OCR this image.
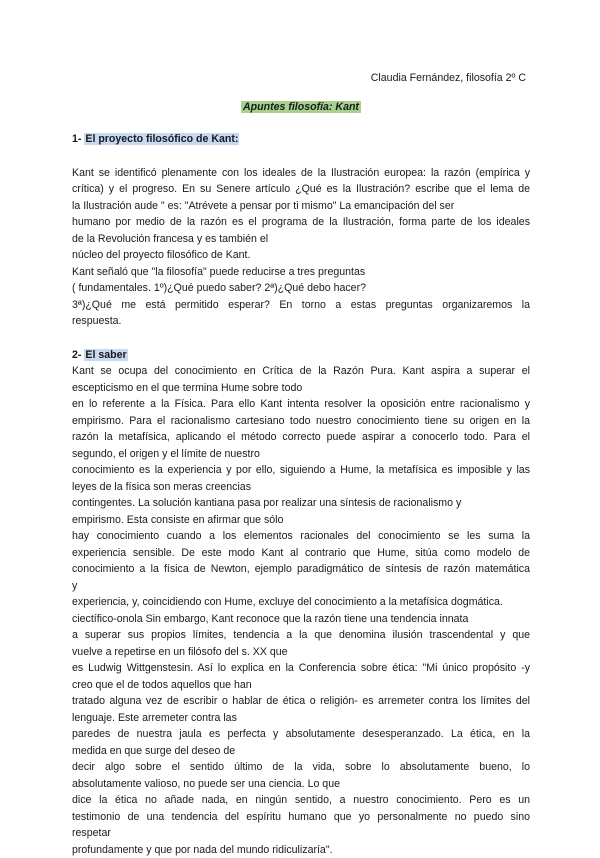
Claudia Fernández, filosofía 2º C
Apuntes filosofía: Kant
1- El proyecto filosófico de Kant:
Kant se identificó plenamente con los ideales de la Ilustración europea: la razón (empírica y
crítica) y el progreso. En su Senere artículo ¿Qué es la Ilustración? escribe que el lema de
la Ilustración aude " es: "Atrévete a pensar por ti mismo" La emancipación del ser
humano por medio de la razón es el programa de la Ilustración, forma parte de los ideales
de la Revolución francesa y es también el
núcleo del proyecto filosófico de Kant.
Kant señaló que "la filosofía" puede reducirse a tres preguntas
( fundamentales. 1º)¿Qué puedo saber? 2ª)¿Qué debo hacer?
3ª)¿Qué me está permitido esperar? En torno a estas preguntas organizaremos la
respuesta.
2- El saber
Kant se ocupa del conocimiento en Crítica de la Razón Pura. Kant aspira a superar el
escepticismo en el que termina Hume sobre todo
en lo referente a la Física. Para ello Kant intenta resolver la oposición entre racionalismo y
empirismo. Para el racionalismo cartesiano todo nuestro conocimiento tiene su origen en la
razón la metafísica, aplicando el método correcto puede aspirar a conocerlo todo. Para el
segundo, el origen y el límite de nuestro
conocimiento es la experiencia y por ello, siguiendo a Hume, la metafísica es imposible y las
leyes de la física son meras creencias
contingentes. La solución kantiana pasa por realizar una síntesis de racionalismo y
empirismo. Esta consiste en afirmar que sólo
hay conocimiento cuando a los elementos racionales del conocimiento se les suma la
experiencia sensible. De este modo Kant al contrario que Hume, sitúa como modelo de
conocimiento a la física de Newton, ejemplo paradigmático de síntesis de razón matemática
y
experiencia, y, coincidiendo con Hume, excluye del conocimiento a la metafísica dogmática.
ciectífico-onola Sin embargo, Kant reconoce que la razón tiene una tendencia innata
a superar sus propios límites, tendencia a la que denomina ilusión trascendental y que
vuelve a repetirse en un filósofo del s. XX que
es Ludwig Wittgenstesin. Así lo explica en la Conferencia sobre ética: "Mi único propósito -y
creo que el de todos aquellos que han
tratado alguna vez de escribir o hablar de ética o religión- es arremeter contra los límites del
lenguaje. Este arremeter contra las
paredes de nuestra jaula es perfecta y absolutamente desesperanzado. La ética, en la
medida en que surge del deseo de
decir algo sobre el sentido último de la vida, sobre lo absolutamente bueno, lo
absolutamente valioso, no puede ser una ciencia. Lo que
dice la ética no añade nada, en ningún sentido, a nuestro conocimiento. Pero es un
testimonio de una tendencia del espíritu humano que yo personalmente no puedo sino
respetar
profundamente y que por nada del mundo ridiculizaría".
